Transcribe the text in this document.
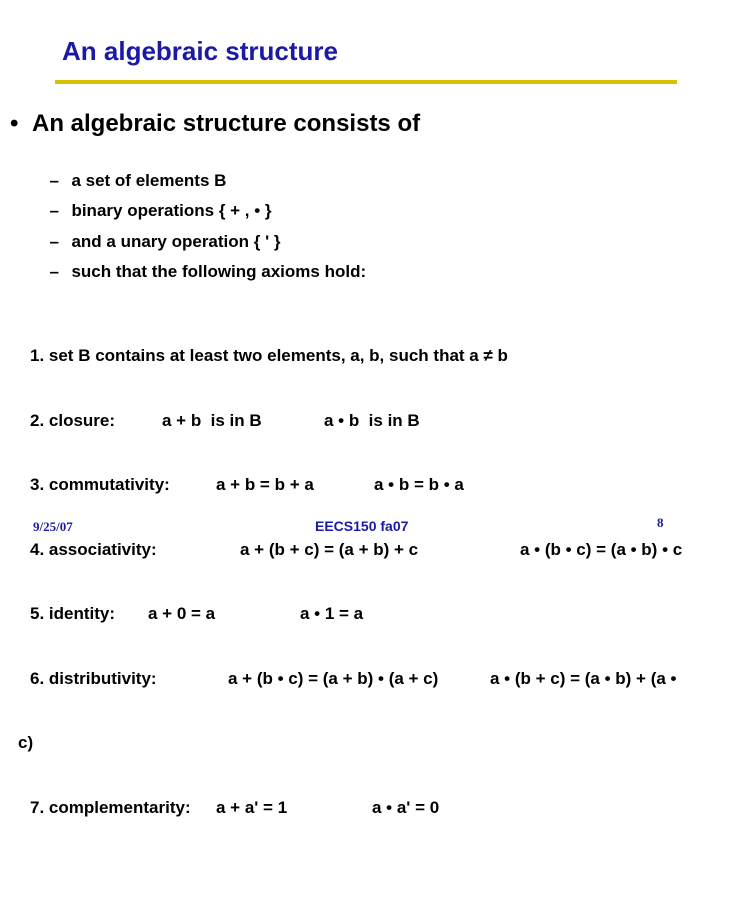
An algebraic structure
• An algebraic structure consists of

– a set of elements B

– binary operations { + , • }

– and a unary operation { ' }

– such that the following axioms hold:

1. set B contains at least two elements, a, b, such that a ≠ b

2. closure:

	a + b  is in B

	a • b  is in B

3. commutativity:

	a + b = b + a

	a • b = b • a

4. associativity:

	a + (b + c) = (a + b) + c

	a • (b • c) = (a • b) • c

5. identity:

a + 0 = a

	a • 1 = a

6. distributivity:

	a + (b • c) = (a + b) • (a + c)

	a • (b + c) = (a • b) + (a •

c)

7. complementarity:

a + a' = 1

	a • a' = 0

9/25/07	EECS150 fa07	8
